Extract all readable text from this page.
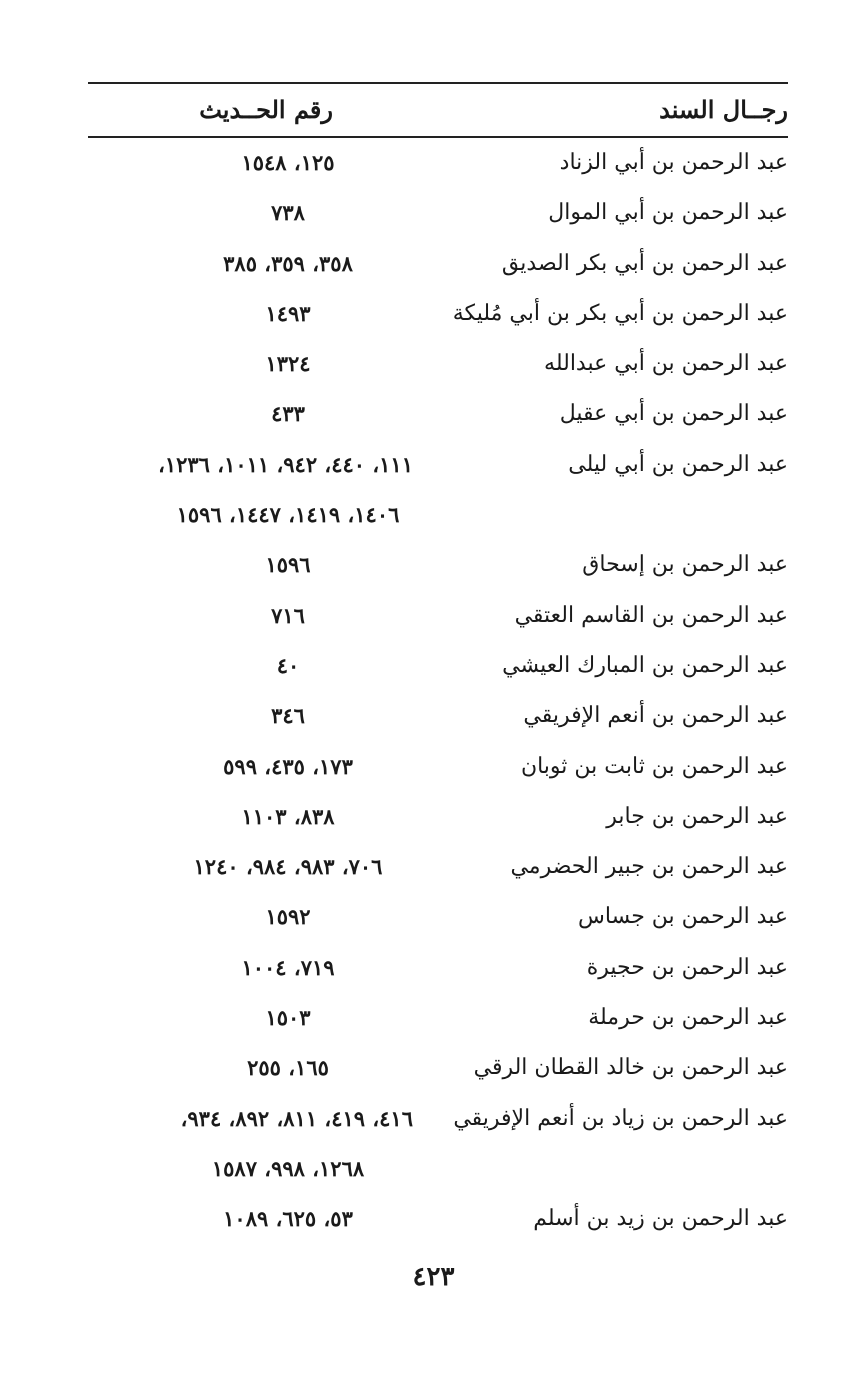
رجــال السند
رقم الحــديث
عبد الرحمن بن أبي الزناد
١٢٥، ١٥٤٨
عبد الرحمن بن أبي الموال
٧٣٨
عبد الرحمن بن أبي بكر الصديق
٣٥٨، ٣٥٩، ٣٨٥
عبد الرحمن بن أبي بكر بن أبي مُليكة
١٤٩٣
عبد الرحمن بن أبي عبدالله
١٣٢٤
عبد الرحمن بن أبي عقيل
٤٣٣
عبد الرحمن بن أبي ليلى
١١١، ٤٤٠، ٩٤٢، ١٠١١، ١٢٣٦،
١٤٠٦، ١٤١٩، ١٤٤٧، ١٥٩٦
عبد الرحمن بن إسحاق
١٥٩٦
عبد الرحمن بن القاسم العتقي
٧١٦
عبد الرحمن بن المبارك العيشي
٤٠
عبد الرحمن بن أنعم الإفريقي
٣٤٦
عبد الرحمن بن ثابت بن ثوبان
١٧٣، ٤٣٥، ٥٩٩
عبد الرحمن بن جابر
٨٣٨، ١١٠٣
عبد الرحمن بن جبير الحضرمي
٧٠٦، ٩٨٣، ٩٨٤، ١٢٤٠
عبد الرحمن بن جساس
١٥٩٢
عبد الرحمن بن حجيرة
٧١٩، ١٠٠٤
عبد الرحمن بن حرملة
١٥٠٣
عبد الرحمن بن خالد القطان الرقي
١٦٥، ٢٥٥
عبد الرحمن بن زياد بن أنعم الإفريقي
٤١٦، ٤١٩، ٨١١، ٨٩٢، ٩٣٤،
١٢٦٨، ٩٩٨، ١٥٨٧
عبد الرحمن بن زيد بن أسلم
٥٣، ٦٢٥، ١٠٨٩
٤٢٣
